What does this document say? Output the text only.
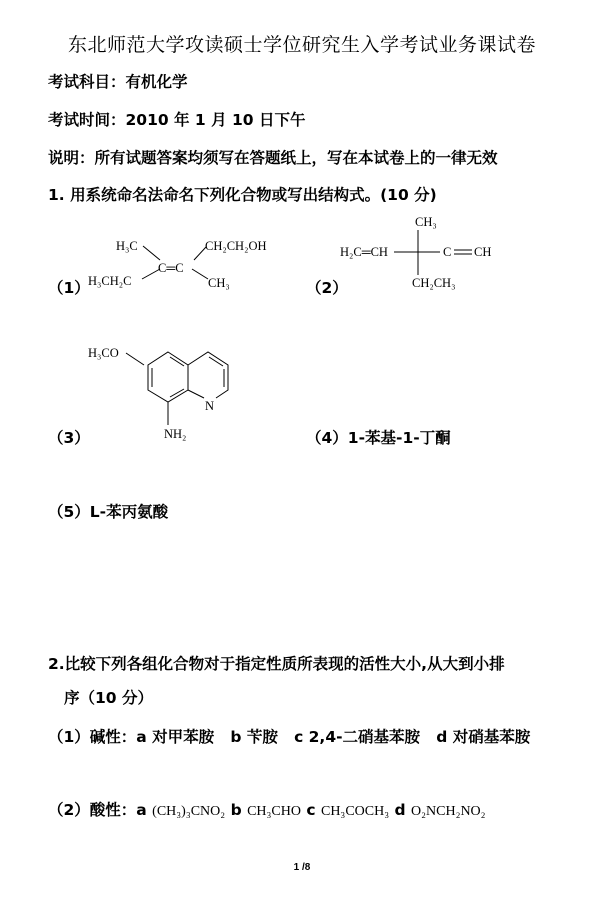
东北师范大学攻读硕士学位研究生入学考试业务课试卷
考试科目：有机化学
考试时间：2010 年 1 月 10 日下午
说明：所有试题答案均须写在答题纸上，写在本试卷上的一律无效
1. 用系统命名法命名下列化合物或写出结构式。(10 分)
H₃C	CH₂CH₂OH
C═C
H₃CH₂C	CH₃
（1）
CH₃
H₂C═CH	C CH
CH₂CH₃
（2）
H₃CO
N
NH₂
（3）	（4）1-苯基-1-丁酮
（5）L-苯丙氨酸
2.比较下列各组化合物对于指定性质所表现的活性大小,从大到小排
序（10 分）
（1）碱性：a 对甲苯胺 b 苄胺 c 2,4-二硝基苯胺 d 对硝基苯胺
（2）酸性：a (CH₃)₃CNO₂ b CH₃CHO c CH₃COCH₃ d O₂NCH₂NO₂
1 /8
